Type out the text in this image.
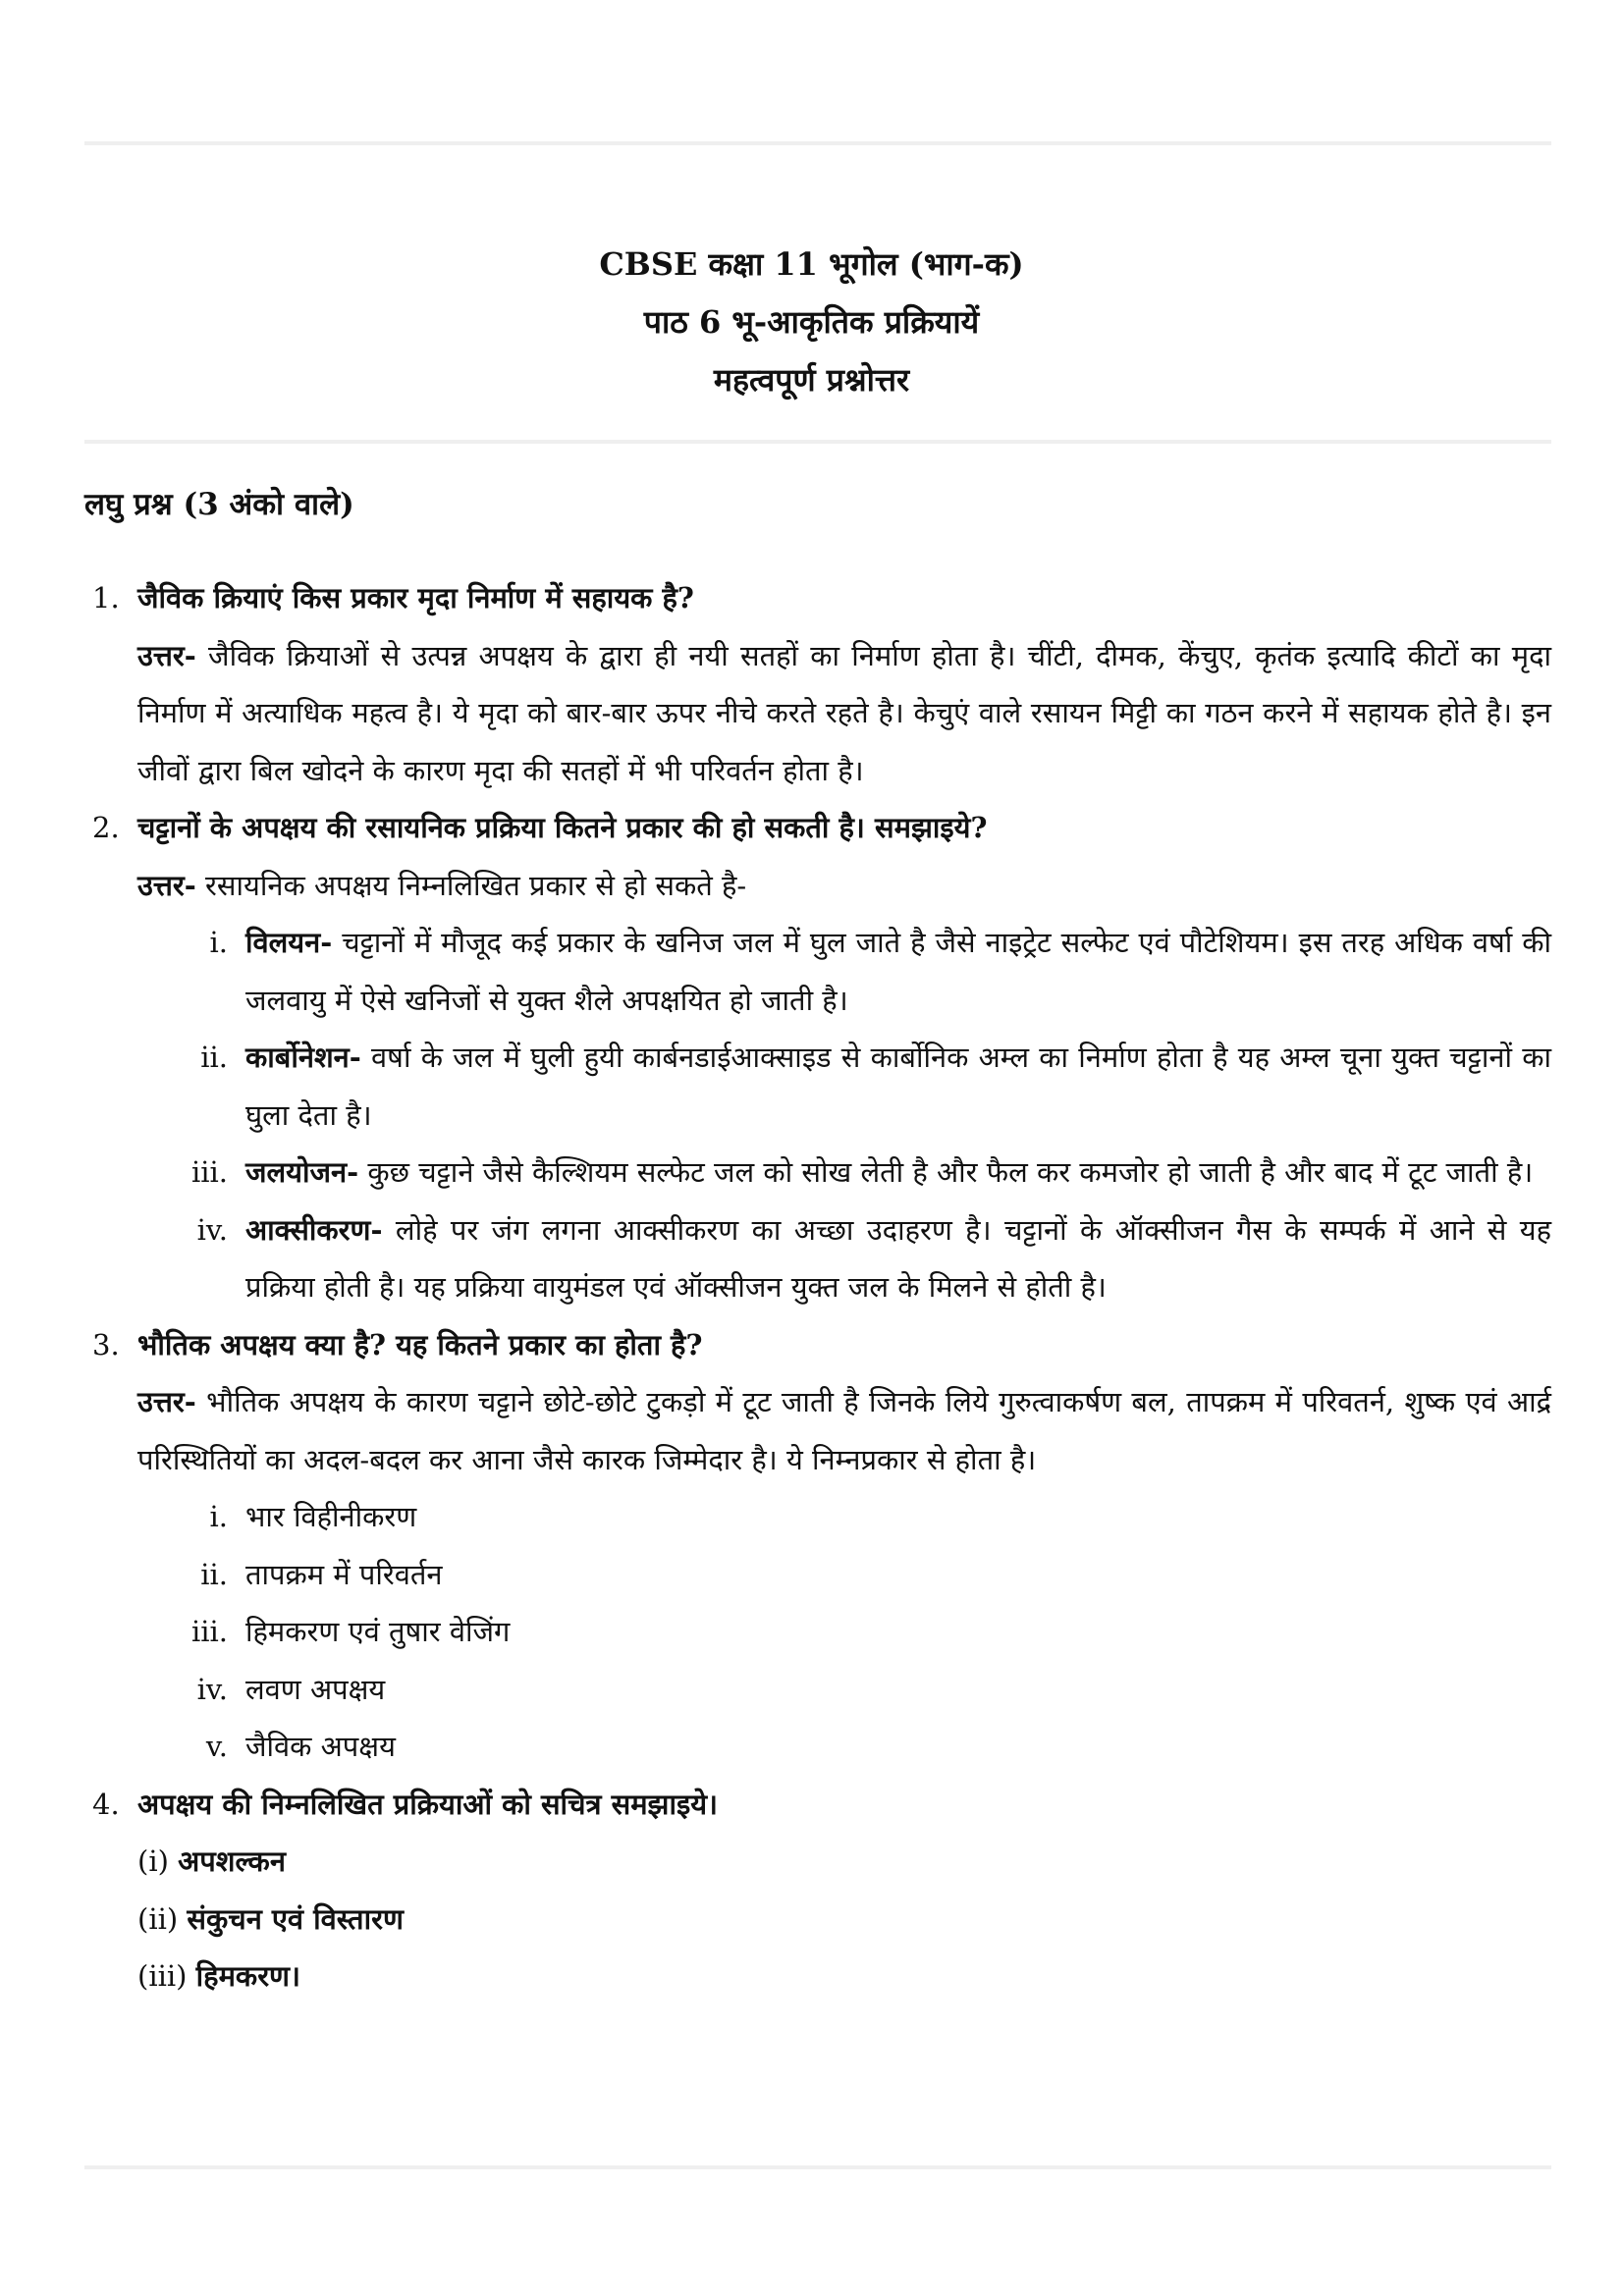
CBSE कक्षा 11 भूगोल (भाग-क)
पाठ 6 भू-आकृतिक प्रक्रियायें
महत्वपूर्ण प्रश्नोत्तर
लघु प्रश्न (3 अंको वाले)
1. जैविक क्रियाएं किस प्रकार मृदा निर्माण में सहायक है?
उत्तर- जैविक क्रियाओं से उत्पन्न अपक्षय के द्वारा ही नयी सतहों का निर्माण होता है। चींटी, दीमक, केंचुए, कृतंक इत्यादि कीटों का मृदा निर्माण में अत्याधिक महत्व है। ये मृदा को बार-बार ऊपर नीचे करते रहते है। केचुएं वाले रसायन मिट्टी का गठन करने में सहायक होते है। इन जीवों द्वारा बिल खोदने के कारण मृदा की सतहों में भी परिवर्तन होता है।
2. चट्टानों के अपक्षय की रसायनिक प्रक्रिया कितने प्रकार की हो सकती है। समझाइये?
उत्तर- रसायनिक अपक्षय निम्नलिखित प्रकार से हो सकते है-
i. विलयन- चट्टानों में मौजूद कई प्रकार के खनिज जल में घुल जाते है जैसे नाइट्रेट सल्फेट एवं पौटेशियम। इस तरह अधिक वर्षा की जलवायु में ऐसे खनिजों से युक्त शैले अपक्षयित हो जाती है।
ii. कार्बोनेशन- वर्षा के जल में घुली हुयी कार्बनडाईआक्साइड से कार्बोनिक अम्ल का निर्माण होता है यह अम्ल चूना युक्त चट्टानों का घुला देता है।
iii. जलयोजन- कुछ चट्टाने जैसे कैल्शियम सल्फेट जल को सोख लेती है और फैल कर कमजोर हो जाती है और बाद में टूट जाती है।
iv. आक्सीकरण- लोहे पर जंग लगना आक्सीकरण का अच्छा उदाहरण है। चट्टानों के ऑक्सीजन गैस के सम्पर्क में आने से यह प्रक्रिया होती है। यह प्रक्रिया वायुमंडल एवं ऑक्सीजन युक्त जल के मिलने से होती है।
3. भौतिक अपक्षय क्या है? यह कितने प्रकार का होता है?
उत्तर- भौतिक अपक्षय के कारण चट्टाने छोटे-छोटे टुकड़ो में टूट जाती है जिनके लिये गुरुत्वाकर्षण बल, तापक्रम में परिवतर्न, शुष्क एवं आर्द्र परिस्थितियों का अदल-बदल कर आना जैसे कारक जिम्मेदार है। ये निम्नप्रकार से होता है।
i. भार विहीनीकरण
ii. तापक्रम में परिवर्तन
iii. हिमकरण एवं तुषार वेजिंग
iv. लवण अपक्षय
v. जैविक अपक्षय
4. अपक्षय की निम्नलिखित प्रक्रियाओं को सचित्र समझाइये।
(i) अपशल्कन
(ii) संकुचन एवं विस्तारण
(iii) हिमकरण।
